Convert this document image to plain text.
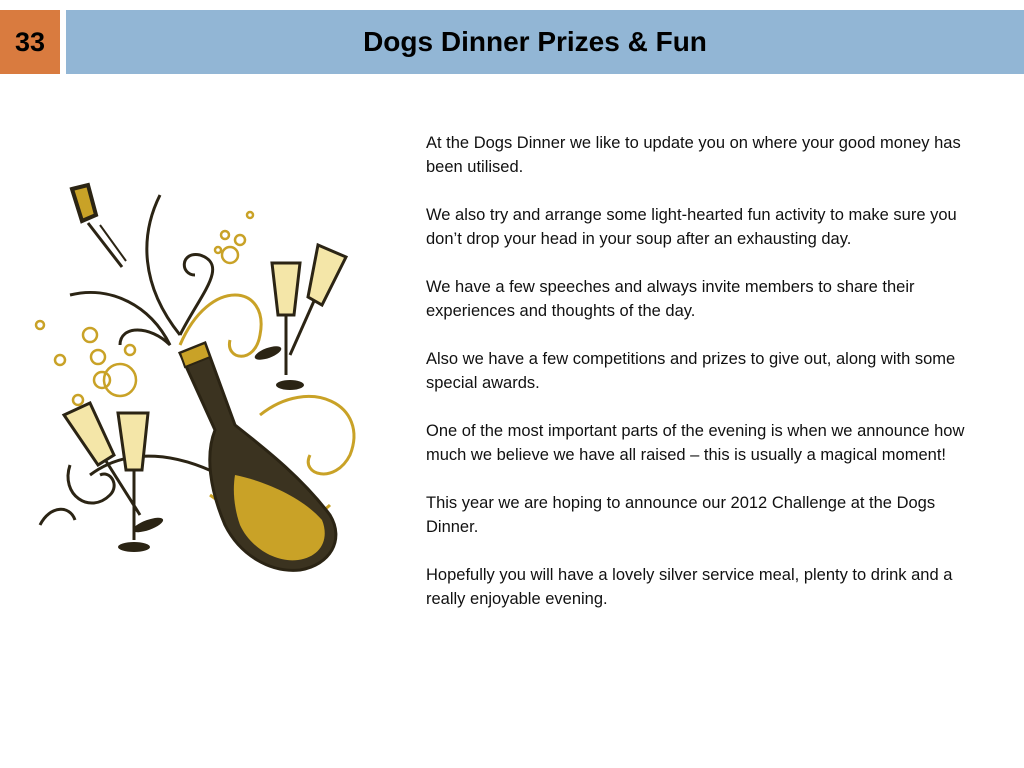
33	Dogs Dinner Prizes & Fun

At the Dogs Dinner we like to update you on where your good money has been utilised.

We also try and arrange some light-hearted fun activity to make sure you don’t drop your head in your soup after an exhausting day.

We have a few speeches and always invite members to share their experiences and thoughts of the day.

Also we have a few competitions and prizes to give out, along with some special awards.

One of the most important parts of the evening is when we announce how much we believe we have all raised – this is usually a magical moment!

This year we are hoping to announce our 2012 Challenge at the Dogs Dinner.

Hopefully you will have a lovely silver service meal, plenty to drink and a really enjoyable evening.
